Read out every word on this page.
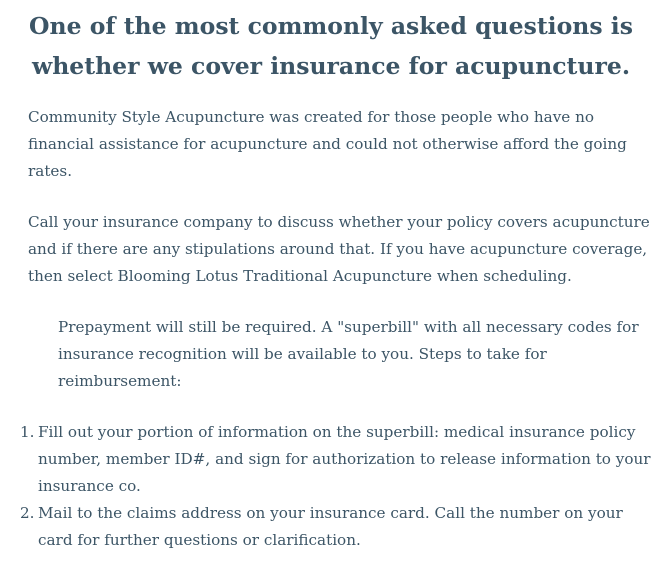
One of the most commonly asked questions is
whether we cover insurance for acupuncture.

Community Style Acupuncture was created for those people who have no
financial assistance for acupuncture and could not otherwise afford the going
rates.

Call your insurance company to discuss whether your policy covers acupuncture
and if there are any stipulations around that. If you have acupuncture coverage,
then select Blooming Lotus Traditional Acupuncture when scheduling.

Prepayment will still be required. A "superbill" with all necessary codes for
insurance recognition will be available to you. Steps to take for
reimbursement:

1. Fill out your portion of information on the superbill: medical insurance policy
number, member ID#, and sign for authorization to release information to your
insurance co.
2. Mail to the claims address on your insurance card. Call the number on your
card for further questions or clarification.
